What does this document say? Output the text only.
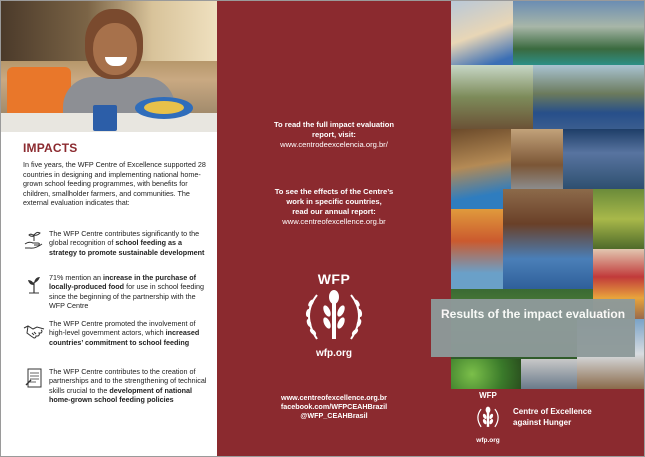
IMPACTS
In five years, the WFP Centre of Excellence supported 28 countries in designing and implementing national home-grown school feeding programmes, with benefits for children, smallholder farmers, and communities. The external evaluation indicates that:
The WFP Centre contributes significantly to the global recognition of school feeding as a strategy to promote sustainable development
71% mention an increase in the purchase of locally-produced food for use in school feeding since the beginning of the partnership with the WFP Centre
The WFP Centre promoted the involvement of high-level government actors, which increased countries’ commitment to school feeding
The WFP Centre contributes to the creation of partnerships and to the strengthening of technical skills crucial to the development of national home-grown school feeding policies
To read the full impact evaluation
report, visit:
www.centrodeexcelencia.org.br/
To see the effects of the Centre’s
work in specific countries,
read our annual report:
www.centreofexcellence.org.br
WFP
wfp.org
www.centreofexcellence.org.br
facebook.com/WFPCEAHBrazil
@WFP_CEAHBrasil
Results of the impact evaluation
WFP
wfp.org
Centre of Excellence
against Hunger
